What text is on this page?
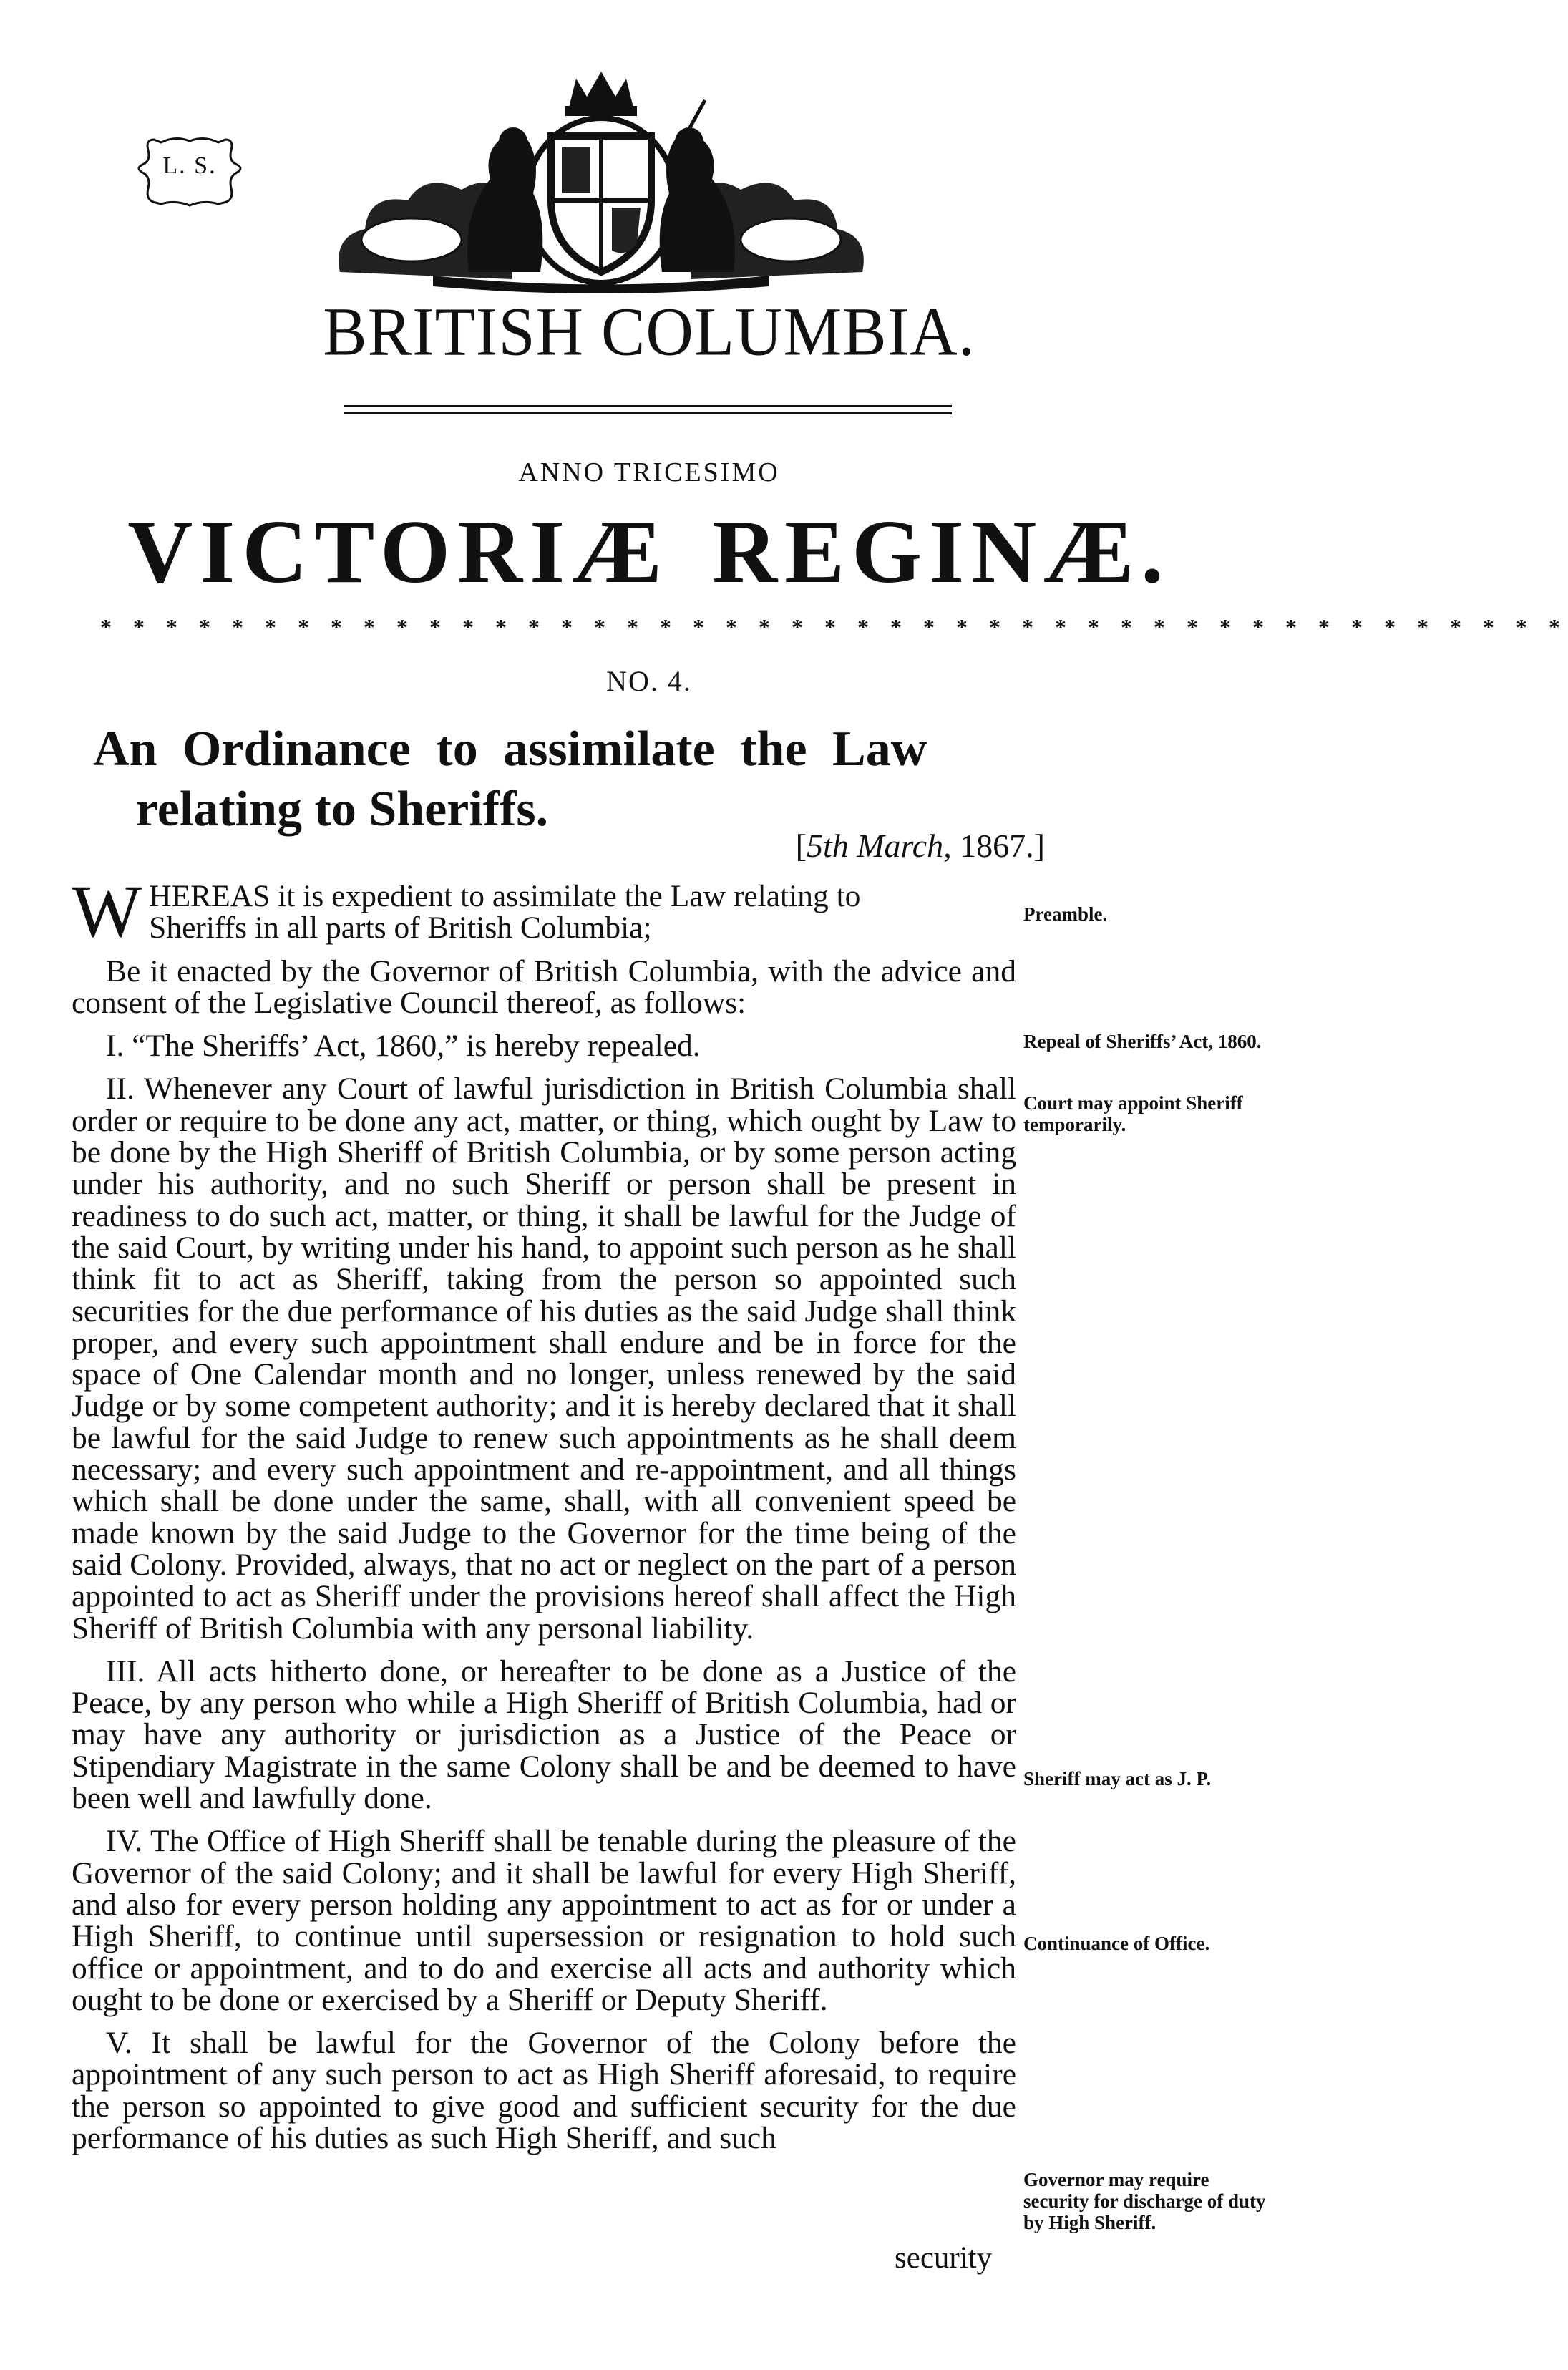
L. S.
BRITISH COLUMBIA.
ANNO TRICESIMO
VICTORIÆ REGINÆ.
* * * * * * * * * * * * * * * * * * * * * * * * * * * * * * * * * * * * * * * * * * * * *
NO. 4.
An Ordinance to assimilate the Law
relating to Sheriffs.
[5th March, 1867.]

WHEREAS it is expedient to assimilate the Law relating to
Sheriffs in all parts of British Columbia;

Be it enacted by the Governor of British Columbia, with the advice and consent of the Legislative Council thereof, as follows:

I. “The Sheriffs’ Act, 1860,” is hereby repealed.

II. Whenever any Court of lawful jurisdiction in British Columbia shall order or require to be done any act, matter, or thing, which ought by Law to be done by the High Sheriff of British Columbia, or by some person acting under his authority, and no such Sheriff or person shall be present in readiness to do such act, matter, or thing, it shall be lawful for the Judge of the said Court, by writing under his hand, to appoint such person as he shall think fit to act as Sheriff, taking from the person so appointed such securities for the due performance of his duties as the said Judge shall think proper, and every such appointment shall endure and be in force for the space of One Calendar month and no longer, unless renewed by the said Judge or by some competent authority; and it is hereby declared that it shall be lawful for the said Judge to renew such appointments as he shall deem necessary; and every such appointment and re-appointment, and all things which shall be done under the same, shall, with all convenient speed be made known by the said Judge to the Governor for the time being of the said Colony. Provided, always, that no act or neglect on the part of a person appointed to act as Sheriff under the provisions hereof shall affect the High Sheriff of British Columbia with any personal liability.

III. All acts hitherto done, or hereafter to be done as a Justice of the Peace, by any person who while a High Sheriff of British Columbia, had or may have any authority or jurisdiction as a Justice of the Peace or Stipendiary Magistrate in the same Colony shall be and be deemed to have been well and lawfully done.

IV. The Office of High Sheriff shall be tenable during the pleasure of the Governor of the said Colony; and it shall be lawful for every High Sheriff, and also for every person holding any appointment to act as for or under a High Sheriff, to continue until supersession or resignation to hold such office or appointment, and to do and exercise all acts and authority which ought to be done or exercised by a Sheriff or Deputy Sheriff.

V. It shall be lawful for the Governor of the Colony before the appointment of any such person to act as High Sheriff aforesaid, to require the person so appointed to give good and sufficient security for the due performance of his duties as such High Sheriff, and such

security
Preamble.
Repeal of Sheriffs’ Act, 1860.
Court may appoint Sheriff temporarily.
Sheriff may act as J. P.
Continuance of Office.
Governor may require security for discharge of duty by High Sheriff.
